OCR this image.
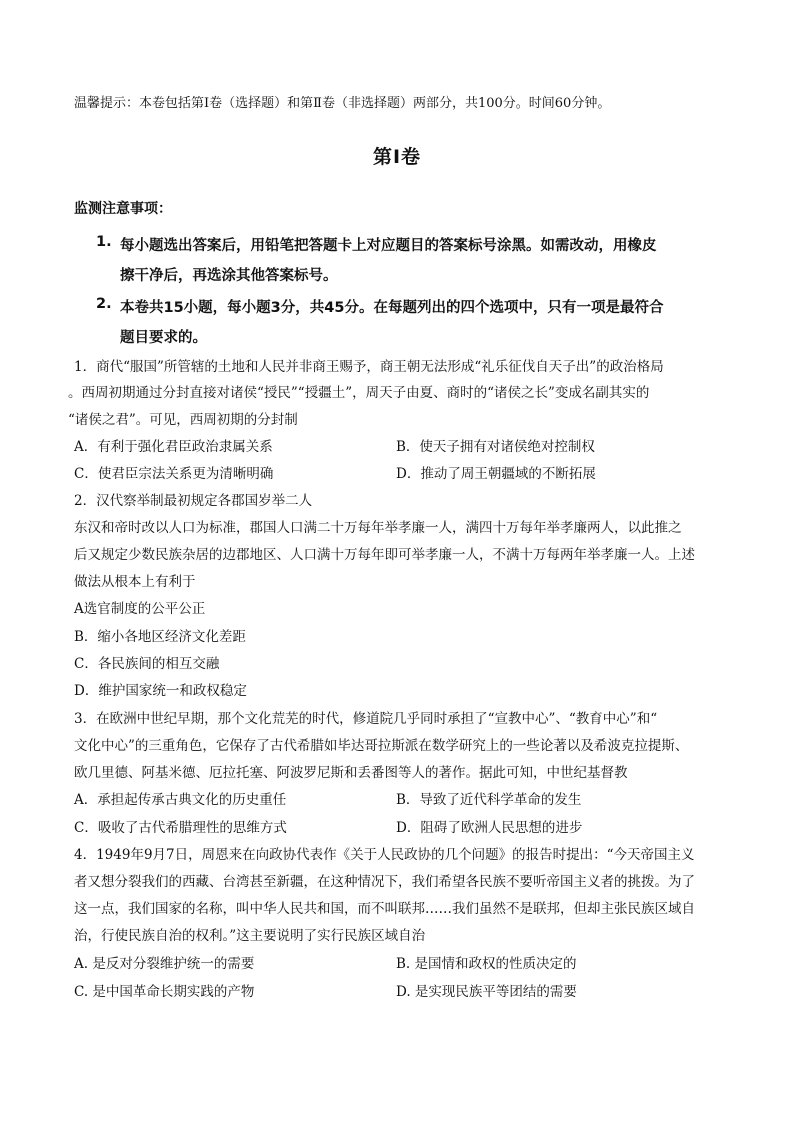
温馨提示：本卷包括第Ⅰ卷（选择题）和第Ⅱ卷（非选择题）两部分，共100分。时间60分钟。
第Ⅰ卷
监测注意事项：
1. 每小题选出答案后，用铅笔把答题卡上对应题目的答案标号涂黑。如需改动，用橡皮
擦干净后，再选涂其他答案标号。
2. 本卷共15小题，每小题3分，共45分。在每题列出的四个选项中，只有一项是最符合
题目要求的。
1．商代“服国”所管辖的土地和人民并非商王赐予，商王朝无法形成“礼乐征伐自天子出”的政治格局
。西周初期通过分封直接对诸侯“授民”“授疆土”，周天子由夏、商时的“诸侯之长”变成名副其实的
“诸侯之君”。可见，西周初期的分封制
A．有利于强化君臣政治隶属关系	B．使天子拥有对诸侯绝对控制权
C．使君臣宗法关系更为清晰明确	D．推动了周王朝疆域的不断拓展
2．汉代察举制最初规定各郡国岁举二人
东汉和帝时改以人口为标准，郡国人口满二十万每年举孝廉一人，满四十万每年举孝廉两人，以此推之
后又规定少数民族杂居的边郡地区、人口满十万每年即可举孝廉一人，不满十万每两年举孝廉一人。上述
做法从根本上有利于
A选官制度的公平公正
B．缩小各地区经济文化差距
C．各民族间的相互交融
D．维护国家统一和政权稳定
3．在欧洲中世纪早期，那个文化荒芜的时代，修道院几乎同时承担了“宣教中心”、“教育中心”和“
文化中心”的三重角色，它保存了古代希腊如毕达哥拉斯派在数学研究上的一些论著以及希波克拉提斯、
欧几里德、阿基米德、厄拉托塞、阿波罗尼斯和丢番图等人的著作。据此可知，中世纪基督教
A．承担起传承古典文化的历史重任	B．导致了近代科学革命的发生
C．吸收了古代希腊理性的思维方式	D．阻碍了欧洲人民思想的进步
4．1949年9月7日，周恩来在向政协代表作《关于人民政协的几个问题》的报告时提出：“今天帝国主义
者又想分裂我们的西藏、台湾甚至新疆，在这种情况下，我们希望各民族不要听帝国主义者的挑拨。为了
这一点，我们国家的名称，叫中华人民共和国，而不叫联邦……我们虽然不是联邦，但却主张民族区域自
治，行使民族自治的权利。”这主要说明了实行民族区域自治
A. 是反对分裂维护统一的需要	B. 是国情和政权的性质决定的
C. 是中国革命长期实践的产物	D. 是实现民族平等团结的需要
